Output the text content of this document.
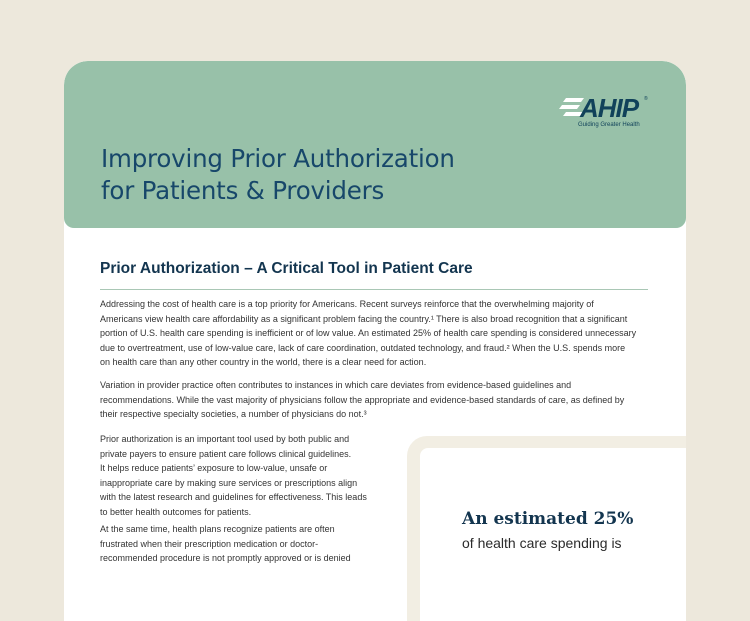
AHIP ®
Guiding Greater Health
Improving Prior Authorization
for Patients & Providers
Prior Authorization – A Critical Tool in Patient Care

Addressing the cost of health care is a top priority for Americans. Recent surveys reinforce that the overwhelming majority of
Americans view health care affordability as a significant problem facing the country.¹ There is also broad recognition that a significant
portion of U.S. health care spending is inefficient or of low value. An estimated 25% of health care spending is considered unnecessary
due to overtreatment, use of low-value care, lack of care coordination, outdated technology, and fraud.² When the U.S. spends more
on health care than any other country in the world, there is a clear need for action.

Variation in provider practice often contributes to instances in which care deviates from evidence-based guidelines and
recommendations. While the vast majority of physicians follow the appropriate and evidence-based standards of care, as defined by
their respective specialty societies, a number of physicians do not.³

Prior authorization is an important tool used by both public and
private payers to ensure patient care follows clinical guidelines.
It helps reduce patients’ exposure to low-value, unsafe or
inappropriate care by making sure services or prescriptions align
with the latest research and guidelines for effectiveness. This leads
to better health outcomes for patients.

At the same time, health plans recognize patients are often
frustrated when their prescription medication or doctor-
recommended procedure is not promptly approved or is denied

An estimated 25%

of health care spending is
